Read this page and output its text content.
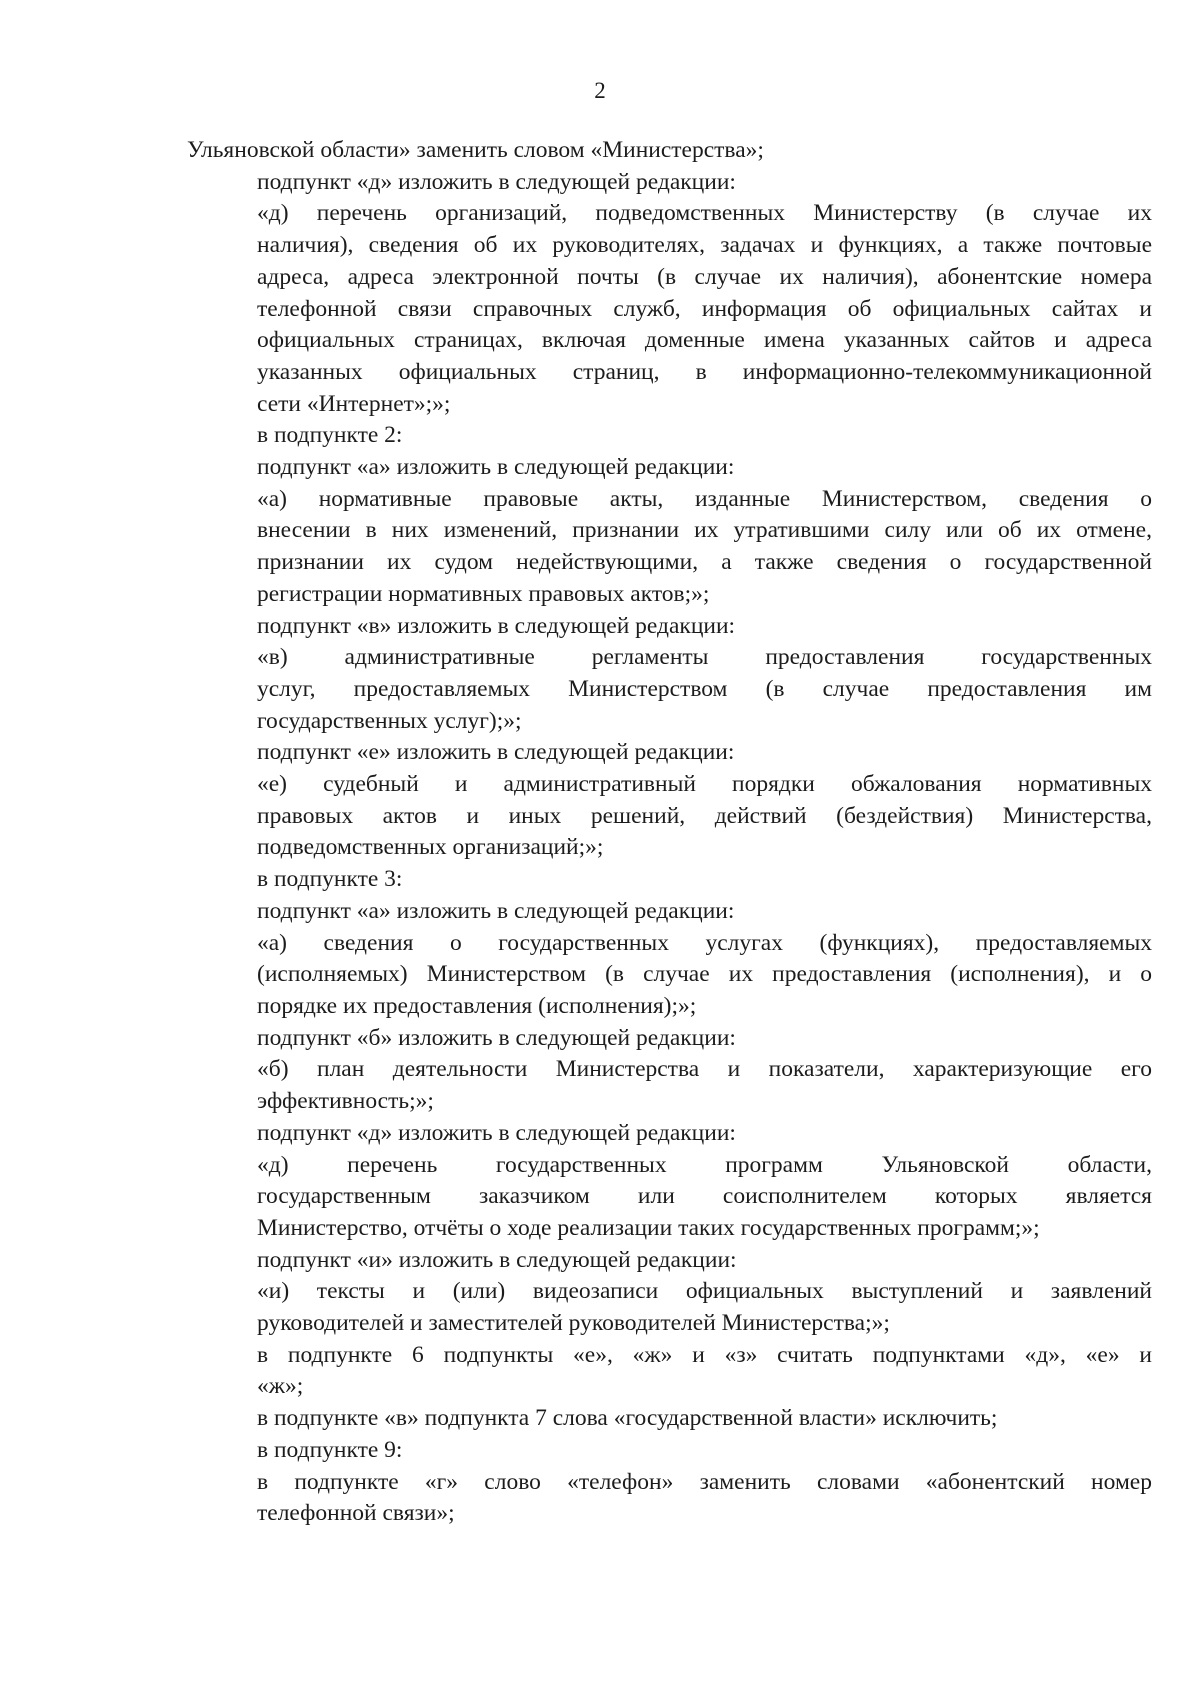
2

Ульяновской области» заменить словом «Министерства»;

подпункт «д» изложить в следующей редакции:

«д) перечень организаций, подведомственных Министерству (в случае их
наличия), сведения об их руководителях, задачах и функциях, а также почтовые
адреса, адреса электронной почты (в случае их наличия), абонентские номера
телефонной связи справочных служб, информация об официальных сайтах и
официальных страницах, включая доменные имена указанных сайтов и адреса
указанных официальных страниц, в информационно-телекоммуникационной
сети «Интернет»;»;

в подпункте 2:

подпункт «а» изложить в следующей редакции:

«а) нормативные правовые акты, изданные Министерством, сведения о
внесении в них изменений, признании их утратившими силу или об их отмене,
признании их судом недействующими, а также сведения о государственной
регистрации нормативных правовых актов;»;

подпункт «в» изложить в следующей редакции:

«в) административные регламенты предоставления государственных
услуг, предоставляемых Министерством (в случае предоставления им
государственных услуг);»;

подпункт «е» изложить в следующей редакции:

«е) судебный и административный порядки обжалования нормативных
правовых актов и иных решений, действий (бездействия) Министерства,
подведомственных организаций;»;

в подпункте 3:

подпункт «а» изложить в следующей редакции:

«а) сведения о государственных услугах (функциях), предоставляемых
(исполняемых) Министерством (в случае их предоставления (исполнения), и о
порядке их предоставления (исполнения);»;

подпункт «б» изложить в следующей редакции:

«б) план деятельности Министерства и показатели, характеризующие его
эффективность;»;

подпункт «д» изложить в следующей редакции:

«д) перечень государственных программ Ульяновской области,
государственным заказчиком или соисполнителем которых является
Министерство, отчёты о ходе реализации таких государственных программ;»;

подпункт «и» изложить в следующей редакции:

«и) тексты и (или) видеозаписи официальных выступлений и заявлений
руководителей и заместителей руководителей Министерства;»;

в подпункте 6 подпункты «е», «ж» и «з» считать подпунктами «д», «е» и
«ж»;

в подпункте «в» подпункта 7 слова «государственной власти» исключить;

в подпункте 9:

в подпункте «г» слово «телефон» заменить словами «абонентский номер
телефонной связи»;
